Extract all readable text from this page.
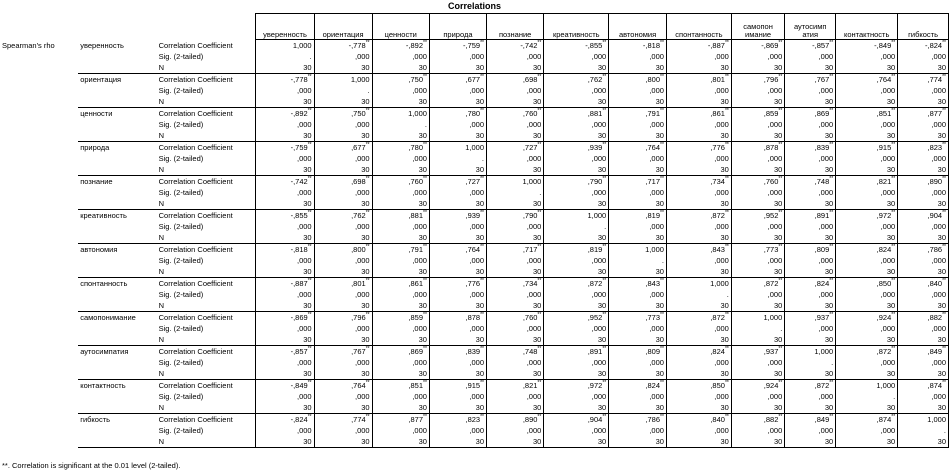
Correlations
			уверенность	ориентация	ценности	природа	познание	креативность	автономия	спонтанность	самопон имание	аутосимп атия	контактность	гибкость
Spearman's rho	уверенность	Correlation Coefficient	1,000	-,778**	-,892**	-,759**	-,742**	-,855**	-,818**	-,887**	-,869**	-,857**	-,849**	-,824**
		Sig. (2-tailed)	.	,000	,000	,000	,000	,000	,000	,000	,000	,000	,000	,000
		N	30	30	30	30	30	30	30	30	30	30	30	30
	ориентация	Correlation Coefficient	-,778**	1,000	,750**	,677**	,698**	,762**	,800**	,801**	,796**	,767**	,764**	,774**
		Sig. (2-tailed)	,000	.	,000	,000	,000	,000	,000	,000	,000	,000	,000	,000
		N	30	30	30	30	30	30	30	30	30	30	30	30
	ценности	Correlation Coefficient	-,892**	,750**	1,000	,780**	,760**	,881**	,791**	,861**	,859**	,869**	,851**	,877**
		Sig. (2-tailed)	,000	,000	.	,000	,000	,000	,000	,000	,000	,000	,000	,000
		N	30	30	30	30	30	30	30	30	30	30	30	30
	природа	Correlation Coefficient	-,759**	,677**	,780**	1,000	,727**	,939**	,764**	,776**	,878**	,839**	,915**	,823**
		Sig. (2-tailed)	,000	,000	,000	.	,000	,000	,000	,000	,000	,000	,000	,000
		N	30	30	30	30	30	30	30	30	30	30	30	30
	познание	Correlation Coefficient	-,742**	,698**	,760**	,727**	1,000	,790**	,717**	,734**	,760**	,748**	,821**	,890**
		Sig. (2-tailed)	,000	,000	,000	,000	.	,000	,000	,000	,000	,000	,000	,000
		N	30	30	30	30	30	30	30	30	30	30	30	30
	креативность	Correlation Coefficient	-,855**	,762**	,881**	,939**	,790**	1,000	,819**	,872**	,952**	,891**	,972**	,904**
		Sig. (2-tailed)	,000	,000	,000	,000	,000	.	,000	,000	,000	,000	,000	,000
		N	30	30	30	30	30	30	30	30	30	30	30	30
	автономия	Correlation Coefficient	-,818**	,800**	,791**	,764**	,717**	,819**	1,000	,843**	,773**	,809**	,824**	,786**
		Sig. (2-tailed)	,000	,000	,000	,000	,000	,000	.	,000	,000	,000	,000	,000
		N	30	30	30	30	30	30	30	30	30	30	30	30
	спонтанность	Correlation Coefficient	-,887**	,801**	,861**	,776**	,734**	,872**	,843**	1,000	,872**	,824**	,850**	,840**
		Sig. (2-tailed)	,000	,000	,000	,000	,000	,000	,000	.	,000	,000	,000	,000
		N	30	30	30	30	30	30	30	30	30	30	30	30
	самопонимание	Correlation Coefficient	-,869**	,796**	,859**	,878**	,760**	,952**	,773**	,872**	1,000	,937**	,924**	,882**
		Sig. (2-tailed)	,000	,000	,000	,000	,000	,000	,000	,000	.	,000	,000	,000
		N	30	30	30	30	30	30	30	30	30	30	30	30
	аутосимпатия	Correlation Coefficient	-,857**	,767**	,869**	,839**	,748**	,891**	,809**	,824**	,937**	1,000	,872**	,849**
		Sig. (2-tailed)	,000	,000	,000	,000	,000	,000	,000	,000	,000	.	,000	,000
		N	30	30	30	30	30	30	30	30	30	30	30	30
	контактность	Correlation Coefficient	-,849**	,764**	,851**	,915**	,821**	,972**	,824**	,850**	,924**	,872**	1,000	,874**
		Sig. (2-tailed)	,000	,000	,000	,000	,000	,000	,000	,000	,000	,000	.	,000
		N	30	30	30	30	30	30	30	30	30	30	30	30
	гибкость	Correlation Coefficient	-,824**	,774**	,877**	,823**	,890**	,904**	,786**	,840**	,882**	,849**	,874**	1,000
		Sig. (2-tailed)	,000	,000	,000	,000	,000	,000	,000	,000	,000	,000	,000	.
		N	30	30	30	30	30	30	30	30	30	30	30	30
**. Correlation is significant at the 0.01 level (2-tailed).
